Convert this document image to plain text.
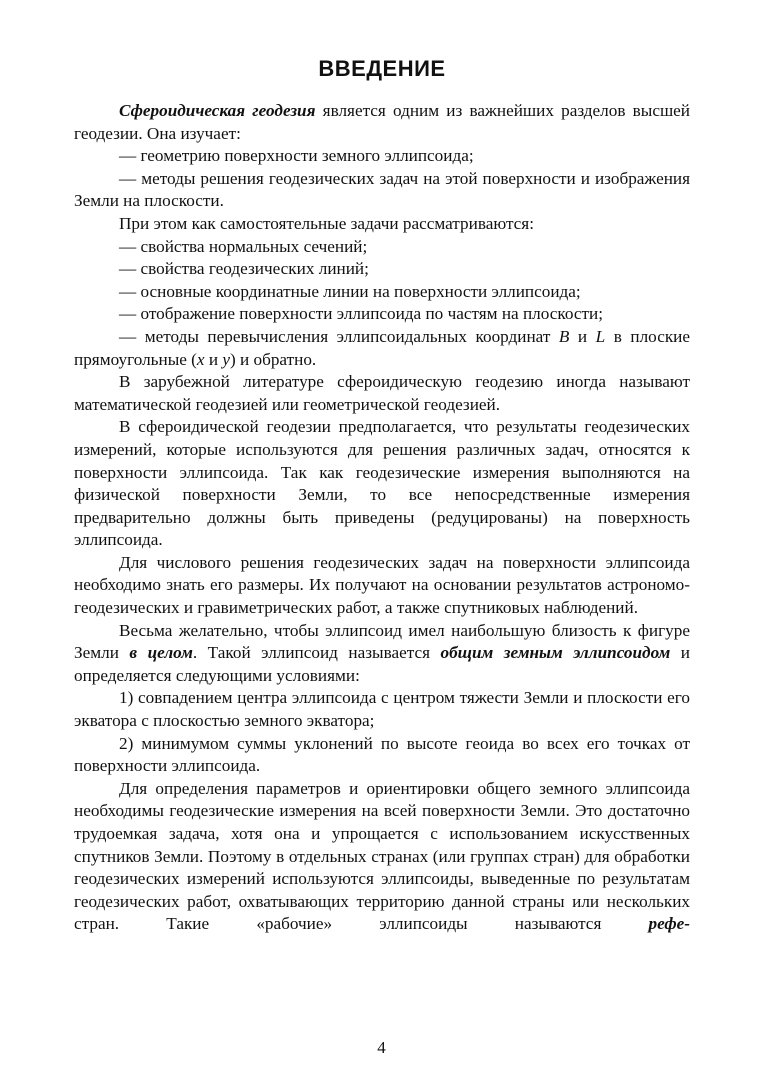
ВВЕДЕНИЕ

Сфероидическая геодезия является одним из важнейших разделов высшей геодезии. Она изучает:

— геометрию поверхности земного эллипсоида;

— методы решения геодезических задач на этой поверхности и изображения Земли на плоскости.

При этом как самостоятельные задачи рассматриваются:

— свойства нормальных сечений;

— свойства геодезических линий;

— основные координатные линии на поверхности эллипсоида;

— отображение поверхности эллипсоида по частям на плоскости;

— методы перевычисления эллипсоидальных координат B и L в плоские прямоугольные (x и y) и обратно.

В зарубежной литературе сфероидическую геодезию иногда называют математической геодезией или геометрической геодезией.

В сфероидической геодезии предполагается, что результаты геодезических измерений, которые используются для решения различных задач, относятся к поверхности эллипсоида. Так как геодезические измерения выполняются на физической поверхности Земли, то все непосредственные измерения предварительно должны быть приведены (редуцированы) на поверхность эллипсоида.

Для числового решения геодезических задач на поверхности эллипсоида необходимо знать его размеры. Их получают на основании результатов астрономо-геодезических и гравиметрических работ, а также спутниковых наблюдений.

Весьма желательно, чтобы эллипсоид имел наибольшую близость к фигуре Земли в целом. Такой эллипсоид называется общим земным эллипсоидом и определяется следующими условиями:

1) совпадением центра эллипсоида с центром тяжести Земли и плоскости его экватора с плоскостью земного экватора;

2) минимумом суммы уклонений по высоте геоида во всех его точках от поверхности эллипсоида.

Для определения параметров и ориентировки общего земного эллипсоида необходимы геодезические измерения на всей поверхности Земли. Это достаточно трудоемкая задача, хотя она и упрощается с использованием искусственных спутников Земли. Поэтому в отдельных странах (или группах стран) для обработки геодезических измерений используются эллипсоиды, выведенные по результатам геодезических работ, охватывающих территорию данной страны или нескольких стран. Такие «рабочие» эллипсоиды называются рефе-

4
